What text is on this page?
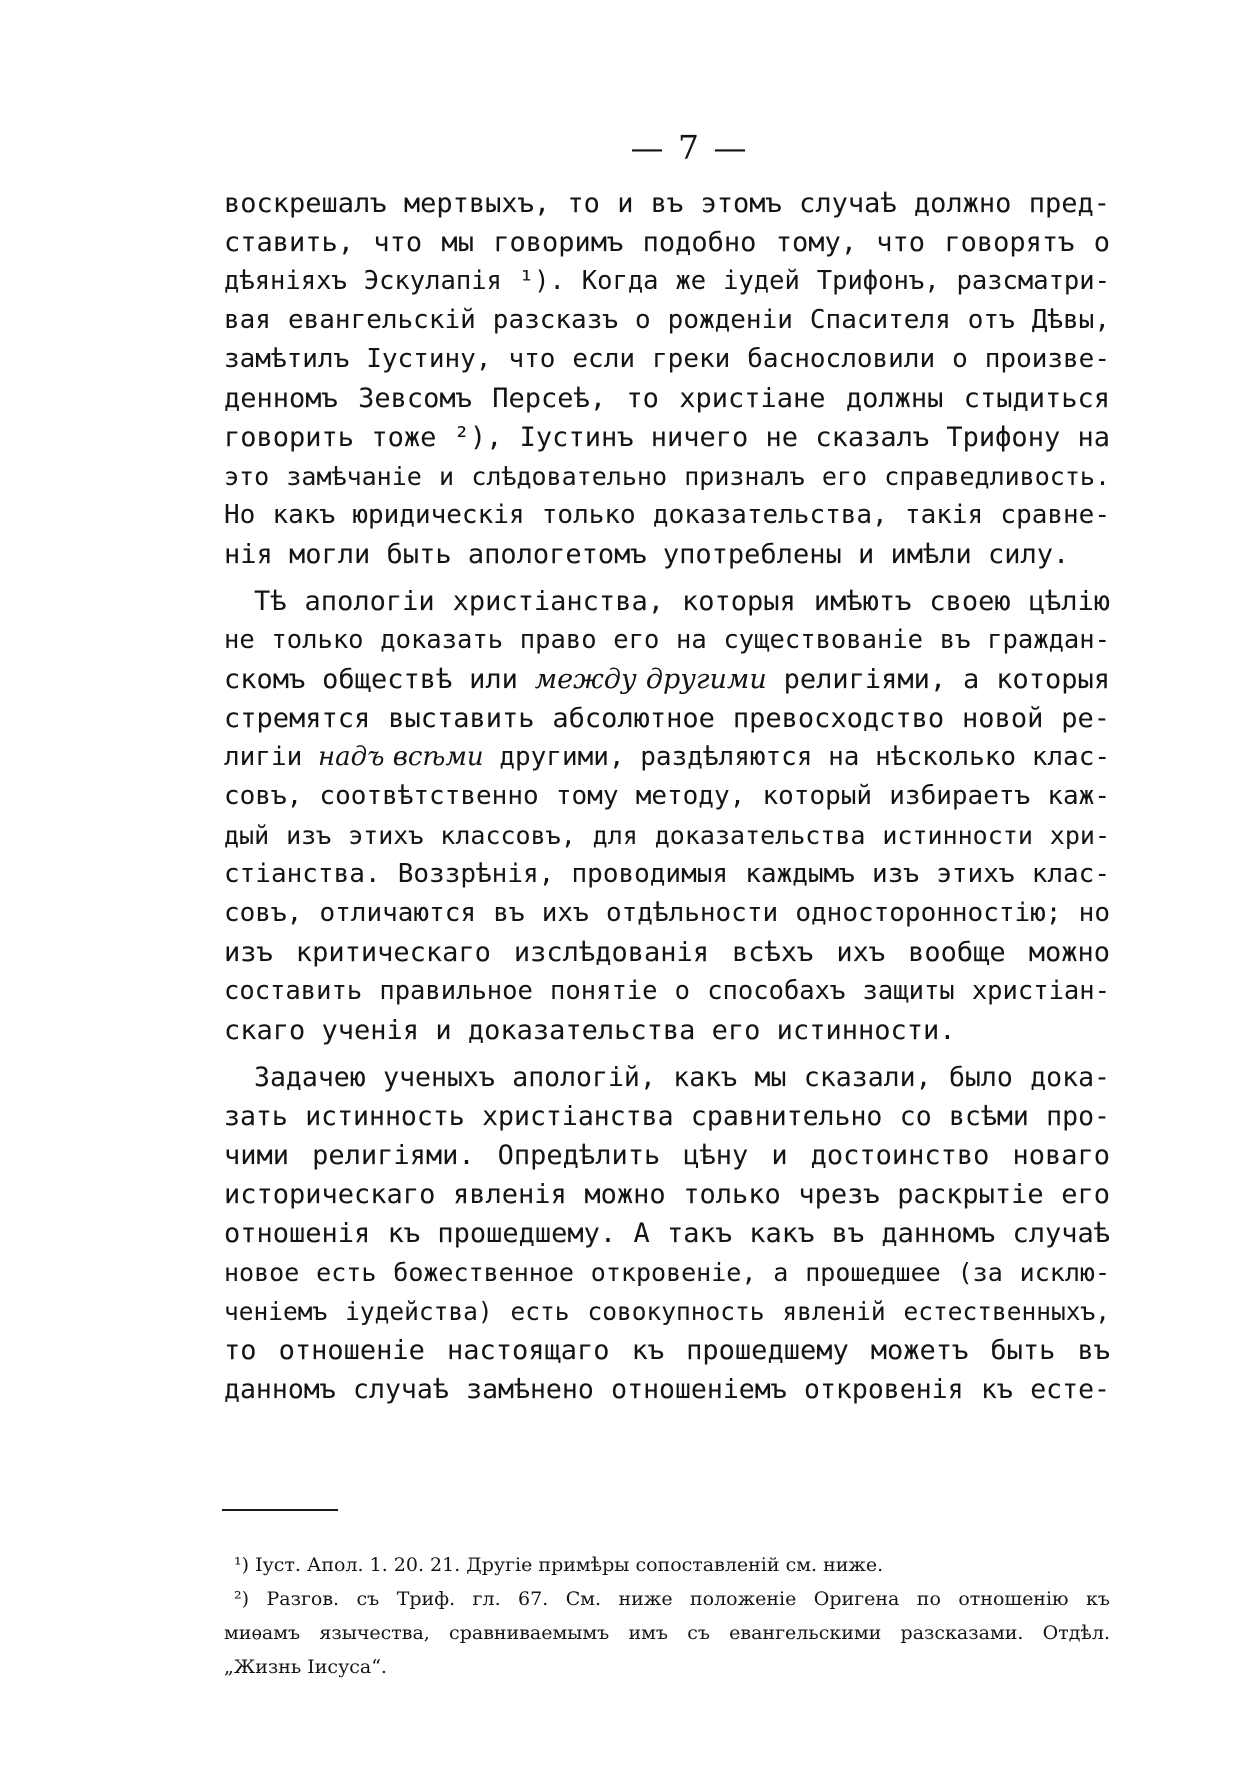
— 7 —
воскрешалъ мертвыхъ, то и въ этомъ случаѣ должно пред-
ставить, что мы говоримъ подобно тому, что говорятъ о
дѣяніяхъ Эскулапія ¹). Когда же іудей Трифонъ, разсматри-
вая евангельскій разсказъ о рожденіи Спасителя отъ Дѣвы,
замѣтилъ Іустину, что если греки баснословили о произве-
денномъ Зевсомъ Персеѣ, то христіане должны стыдиться
говорить тоже ²), Іустинъ ничего не сказалъ Трифону на
это замѣчаніе и слѣдовательно призналъ его справедливость.
Но какъ юридическія только доказательства, такія сравне-
нія могли быть апологетомъ употреблены и имѣли силу.
Тѣ апологіи христіанства, которыя имѣютъ своею цѣлію
не только доказать право его на существованіе въ граждан-
скомъ обществѣ или между другими религіями, а которыя
стремятся выставить абсолютное превосходство новой ре-
лигіи надъ всѣми другими, раздѣляются на нѣсколько клас-
совъ, соотвѣтственно тому методу, который избираетъ каж-
дый изъ этихъ классовъ, для доказательства истинности хри-
стіанства. Воззрѣнія, проводимыя каждымъ изъ этихъ клас-
совъ, отличаются въ ихъ отдѣльности односторонностію; но
изъ критическаго изслѣдованія всѣхъ ихъ вообще можно
составить правильное понятіе о способахъ защиты христіан-
скаго ученія и доказательства его истинности.
Задачею ученыхъ апологій, какъ мы сказали, было дока-
зать истинность христіанства сравнительно со всѣми про-
чими религіями. Опредѣлить цѣну и достоинство новаго
историческаго явленія можно только чрезъ раскрытіе его
отношенія къ прошедшему. А такъ какъ въ данномъ случаѣ
новое есть божественное откровеніе, а прошедшее (за исклю-
ченіемъ іудейства) есть совокупность явленій естественныхъ,
то отношеніе настоящаго къ прошедшему можетъ быть въ
данномъ случаѣ замѣнено отношеніемъ откровенія къ есте-
¹) Іуст. Апол. 1. 20. 21. Другіе примѣры сопоставленій см. ниже.
²) Разгов. съ Триф. гл. 67. См. ниже положеніе Оригена по отношенію къ
миѳамъ язычества, сравниваемымъ имъ съ евангельскими разсказами. Отдѣл.
„Жизнь Іисуса“.
